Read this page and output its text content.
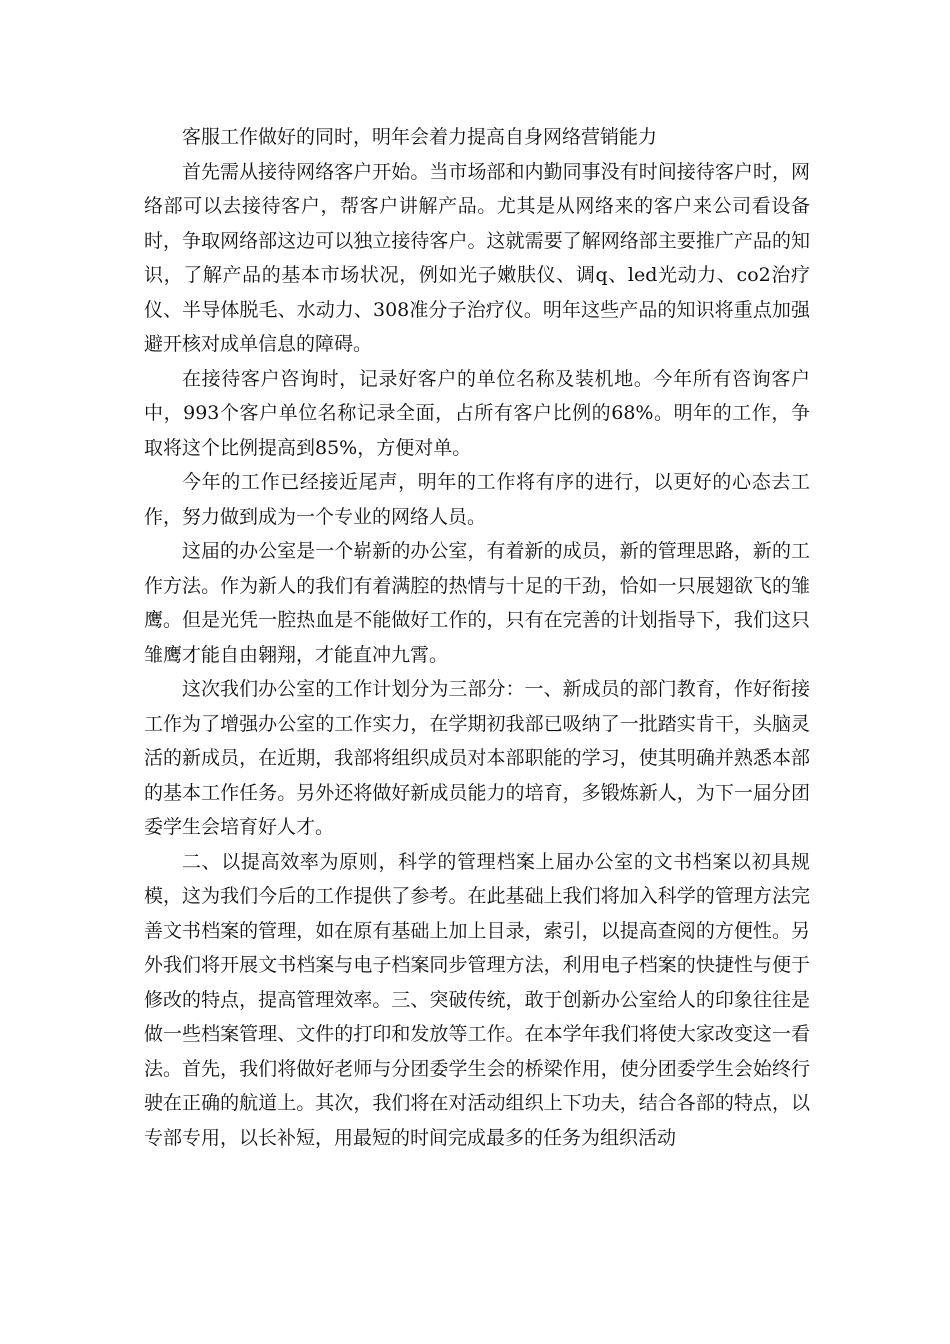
客服工作做好的同时，明年会着力提高自身网络营销能力

首先需从接待网络客户开始。当市场部和内勤同事没有时间接待客户时，网络部可以去接待客户，帮客户讲解产品。尤其是从网络来的客户来公司看设备时，争取网络部这边可以独立接待客户。这就需要了解网络部主要推广产品的知识，了解产品的基本市场状况，例如光子嫩肤仪、调q、led光动力、co2治疗仪、半导体脱毛、水动力、308准分子治疗仪。明年这些产品的知识将重点加强避开核对成单信息的障碍。

在接待客户咨询时，记录好客户的单位名称及装机地。今年所有咨询客户中，993个客户单位名称记录全面，占所有客户比例的68%。明年的工作，争取将这个比例提高到85%，方便对单。

今年的工作已经接近尾声，明年的工作将有序的进行，以更好的心态去工作，努力做到成为一个专业的网络人员。

这届的办公室是一个崭新的办公室，有着新的成员，新的管理思路，新的工作方法。作为新人的我们有着满腔的热情与十足的干劲，恰如一只展翅欲飞的雏鹰。但是光凭一腔热血是不能做好工作的，只有在完善的计划指导下，我们这只雏鹰才能自由翱翔，才能直冲九霄。

这次我们办公室的工作计划分为三部分：一、新成员的部门教育，作好衔接工作为了增强办公室的工作实力，在学期初我部已吸纳了一批踏实肯干，头脑灵活的新成员，在近期，我部将组织成员对本部职能的学习，使其明确并熟悉本部的基本工作任务。另外还将做好新成员能力的培育，多锻炼新人，为下一届分团委学生会培育好人才。

二、以提高效率为原则，科学的管理档案上届办公室的文书档案以初具规模，这为我们今后的工作提供了参考。在此基础上我们将加入科学的管理方法完善文书档案的管理，如在原有基础上加上目录，索引，以提高查阅的方便性。另外我们将开展文书档案与电子档案同步管理方法，利用电子档案的快捷性与便于修改的特点，提高管理效率。三、突破传统，敢于创新办公室给人的印象往往是做一些档案管理、文件的打印和发放等工作。在本学年我们将使大家改变这一看法。首先，我们将做好老师与分团委学生会的桥梁作用，使分团委学生会始终行驶在正确的航道上。其次，我们将在对活动组织上下功夫，结合各部的特点，以专部专用，以长补短，用最短的时间完成最多的任务为组织活动
